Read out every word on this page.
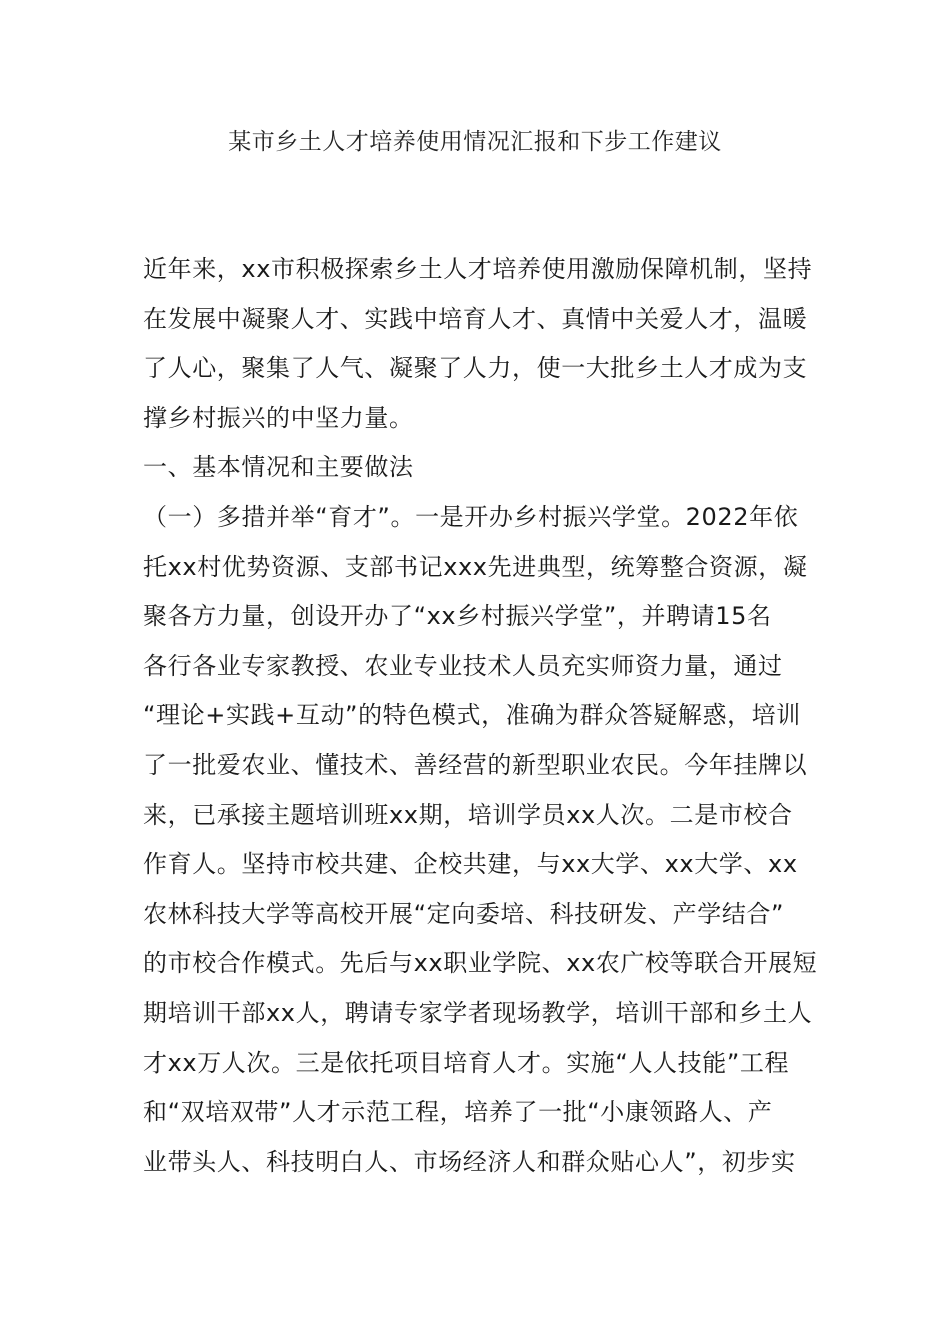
某市乡土人才培养使用情况汇报和下步工作建议
近年来，xx市积极探索乡土人才培养使用激励保障机制，坚持
在发展中凝聚人才、实践中培育人才、真情中关爱人才，温暖
了人心，聚集了人气、凝聚了人力，使一大批乡土人才成为支
撑乡村振兴的中坚力量。
一、基本情况和主要做法
（一）多措并举“育才”。一是开办乡村振兴学堂。2022年依
托xx村优势资源、支部书记xxx先进典型，统筹整合资源，凝
聚各方力量，创设开办了“xx乡村振兴学堂”，并聘请15名
各行各业专家教授、农业专业技术人员充实师资力量，通过
“理论+实践+互动”的特色模式，准确为群众答疑解惑，培训
了一批爱农业、懂技术、善经营的新型职业农民。今年挂牌以
来，已承接主题培训班xx期，培训学员xx人次。二是市校合
作育人。坚持市校共建、企校共建，与xx大学、xx大学、xx
农林科技大学等高校开展“定向委培、科技研发、产学结合”
的市校合作模式。先后与xx职业学院、xx农广校等联合开展短
期培训干部xx人，聘请专家学者现场教学，培训干部和乡土人
才xx万人次。三是依托项目培育人才。实施“人人技能”工程
和“双培双带”人才示范工程，培养了一批“小康领路人、产
业带头人、科技明白人、市场经济人和群众贴心人”，初步实
